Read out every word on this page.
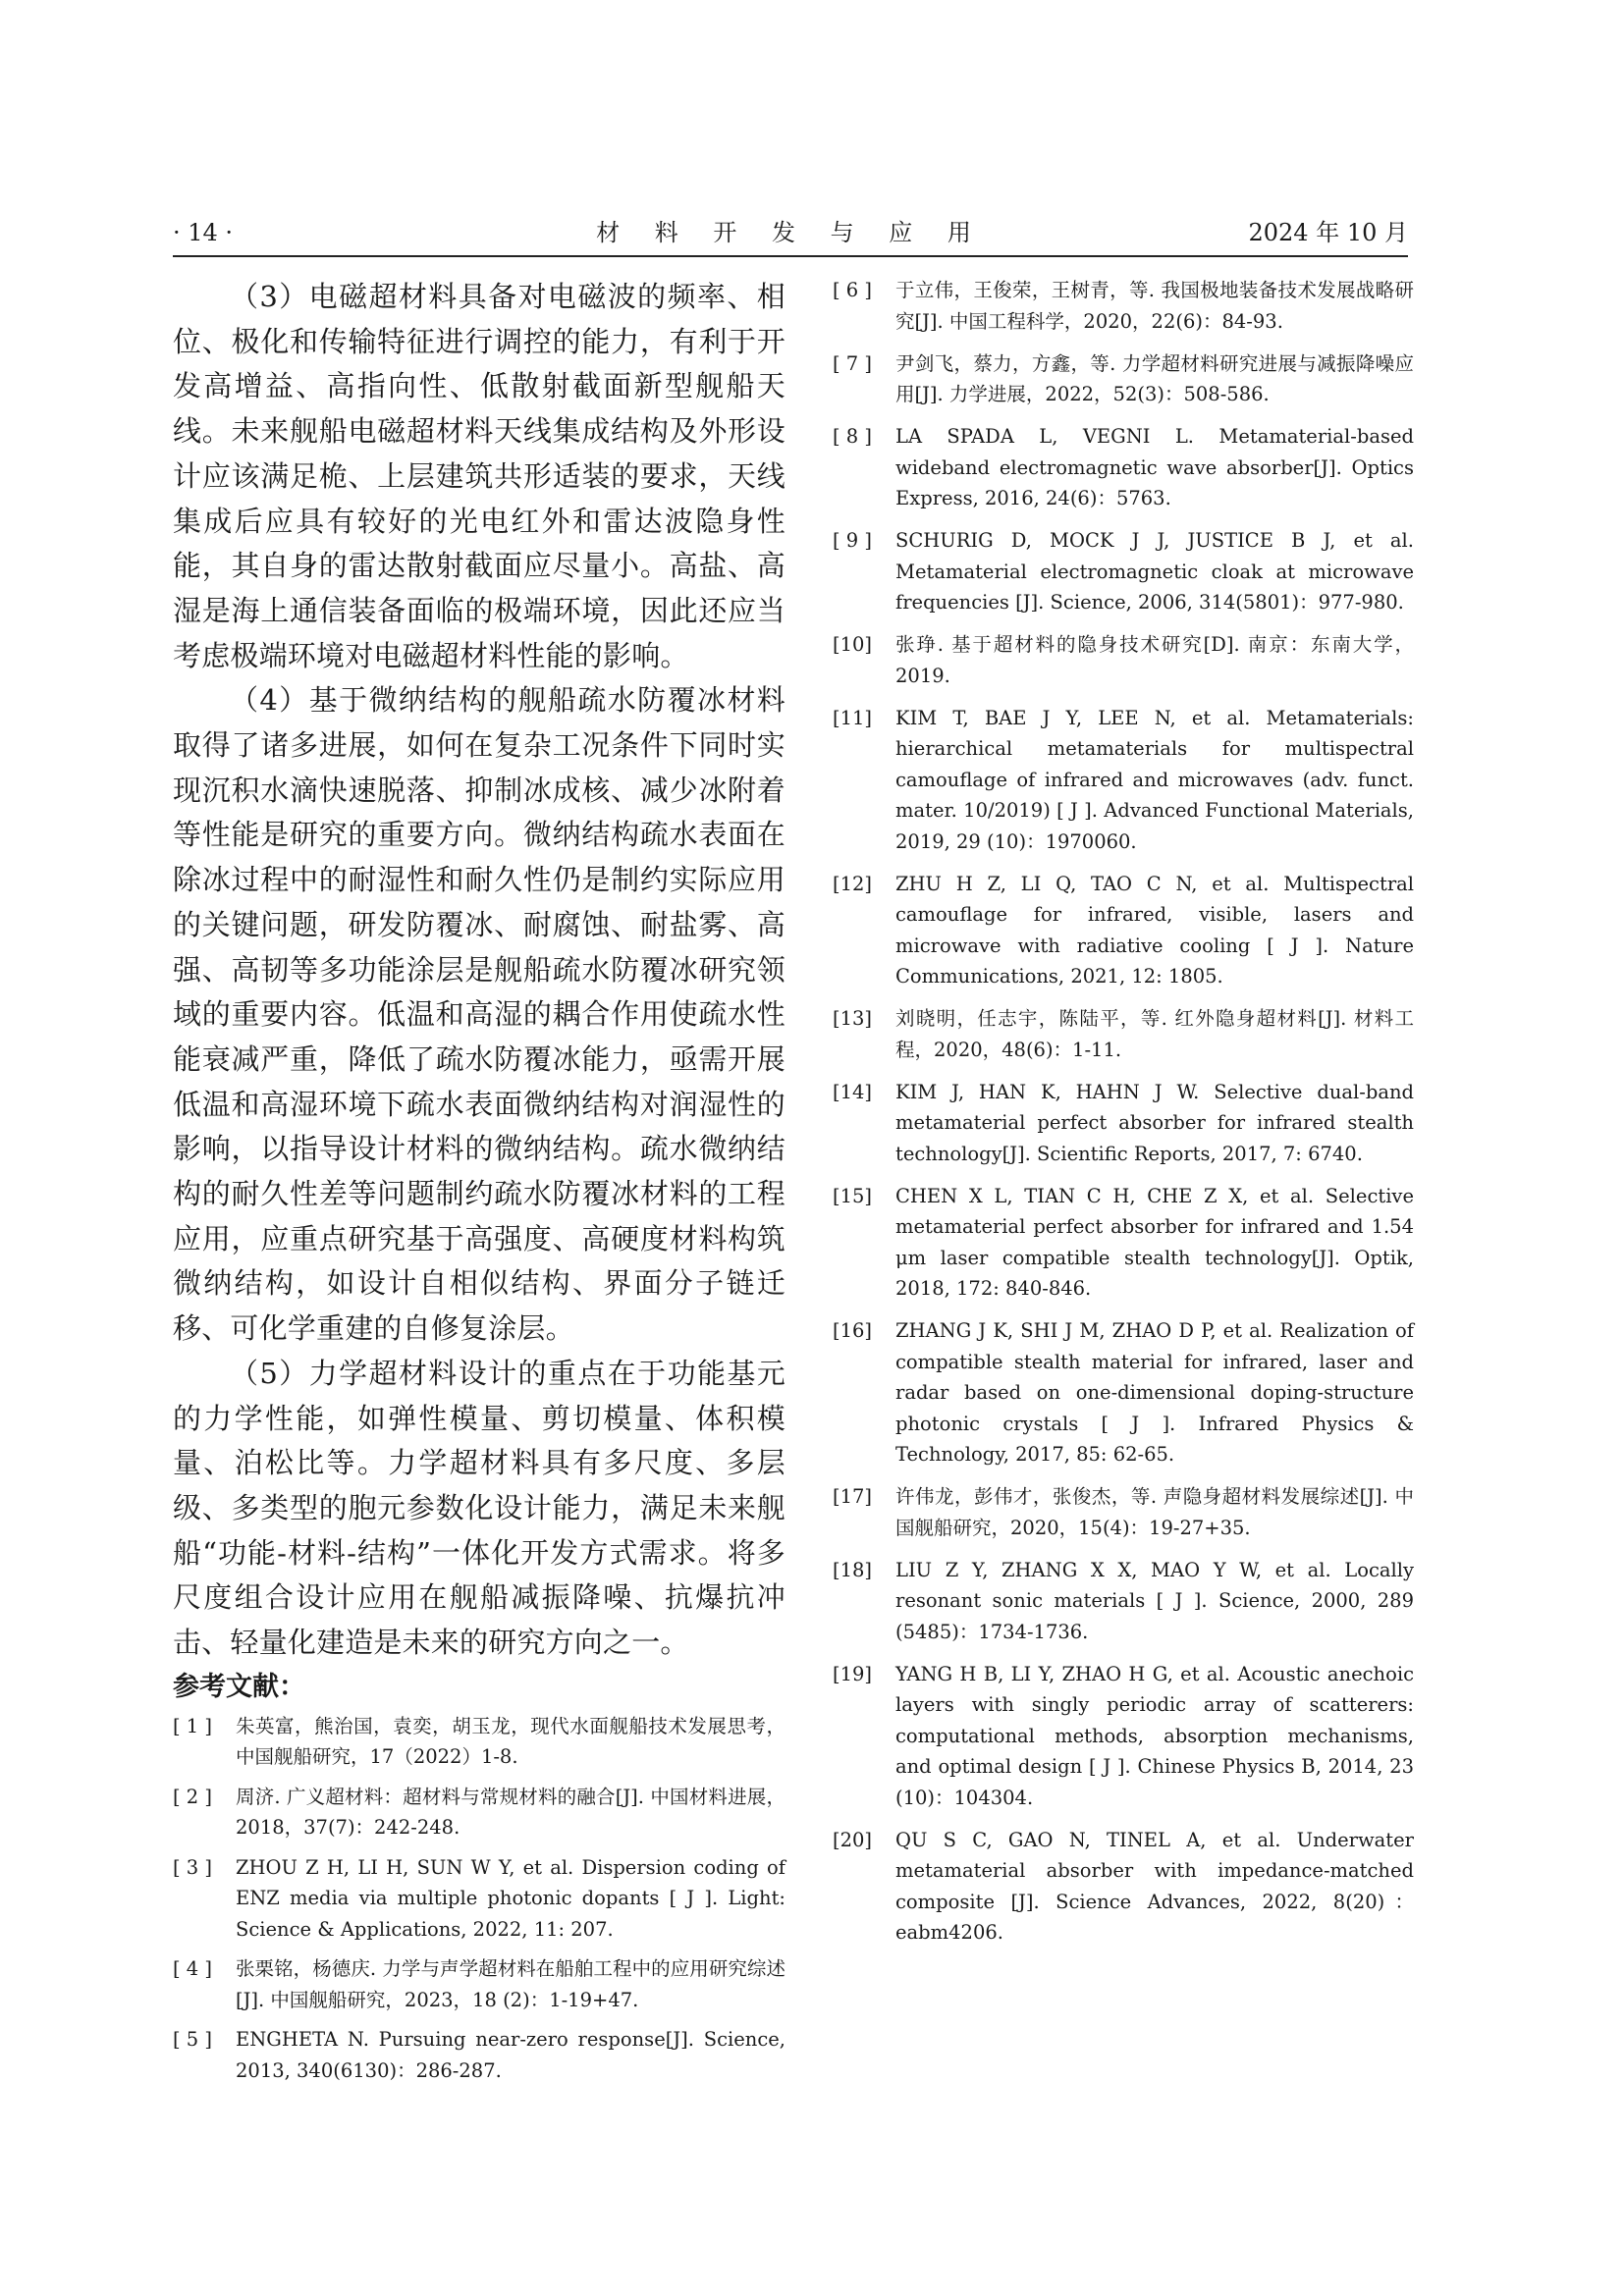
· 14 ·	材 料 开 发 与 应 用	2024 年 10 月

（3）电磁超材料具备对电磁波的频率、相位、极化和传输特征进行调控的能力，有利于开发高增益、高指向性、低散射截面新型舰船天线。未来舰船电磁超材料天线集成结构及外形设计应该满足桅、上层建筑共形适装的要求，天线集成后应具有较好的光电红外和雷达波隐身性能，其自身的雷达散射截面应尽量小。高盐、高湿是海上通信装备面临的极端环境，因此还应当考虑极端环境对电磁超材料性能的影响。

（4）基于微纳结构的舰船疏水防覆冰材料取得了诸多进展，如何在复杂工况条件下同时实现沉积水滴快速脱落、抑制冰成核、减少冰附着等性能是研究的重要方向。微纳结构疏水表面在除冰过程中的耐湿性和耐久性仍是制约实际应用的关键问题，研发防覆冰、耐腐蚀、耐盐雾、高强、高韧等多功能涂层是舰船疏水防覆冰研究领域的重要内容。低温和高湿的耦合作用使疏水性能衰减严重，降低了疏水防覆冰能力，亟需开展低温和高湿环境下疏水表面微纳结构对润湿性的影响，以指导设计材料的微纳结构。疏水微纳结构的耐久性差等问题制约疏水防覆冰材料的工程应用，应重点研究基于高强度、高硬度材料构筑微纳结构，如设计自相似结构、界面分子链迁移、可化学重建的自修复涂层。

（5）力学超材料设计的重点在于功能基元的力学性能，如弹性模量、剪切模量、体积模量、泊松比等。力学超材料具有多尺度、多层级、多类型的胞元参数化设计能力，满足未来舰船“功能-材料-结构”一体化开发方式需求。将多尺度组合设计应用在舰船减振降噪、抗爆抗冲击、轻量化建造是未来的研究方向之一。

参考文献：
[ 1 ]	朱英富，熊治国，袁奕，胡玉龙，现代水面舰船技术发展思考，中国舰船研究，17（2022）1-8.
[ 2 ]	周济. 广义超材料：超材料与常规材料的融合[J]. 中国材料进展，2018，37(7)：242-248.
[ 3 ]	ZHOU Z H, LI H, SUN W Y, et al. Dispersion coding of ENZ media via multiple photonic dopants [ J ]. Light: Science & Applications, 2022, 11: 207.
[ 4 ]	张栗铭，杨德庆. 力学与声学超材料在船舶工程中的应用研究综述[J]. 中国舰船研究，2023，18 (2)：1-19+47.
[ 5 ]	ENGHETA N. Pursuing near-zero response[J]. Science, 2013, 340(6130)：286-287.
[ 6 ]	于立伟，王俊荣，王树青，等. 我国极地装备技术发展战略研究[J]. 中国工程科学，2020，22(6)：84-93.
[ 7 ]	尹剑飞，蔡力，方鑫，等. 力学超材料研究进展与减振降噪应用[J]. 力学进展，2022，52(3)：508-586.
[ 8 ]	LA SPADA L, VEGNI L. Metamaterial-based wideband electromagnetic wave absorber[J]. Optics Express, 2016, 24(6)：5763.
[ 9 ]	SCHURIG D, MOCK J J, JUSTICE B J, et al. Metamaterial electromagnetic cloak at microwave frequencies [J]. Science, 2006, 314(5801)：977-980.
[10]	张琤. 基于超材料的隐身技术研究[D]. 南京：东南大学，2019.
[11]	KIM T, BAE J Y, LEE N, et al. Metamaterials: hierarchical metamaterials for multispectral camouflage of infrared and microwaves (adv. funct. mater. 10/2019) [ J ]. Advanced Functional Materials, 2019, 29 (10)：1970060.
[12]	ZHU H Z, LI Q, TAO C N, et al. Multispectral camouflage for infrared, visible, lasers and microwave with radiative cooling [ J ]. Nature Communications, 2021, 12: 1805.
[13]	刘晓明，任志宇，陈陆平，等. 红外隐身超材料[J]. 材料工程，2020，48(6)：1-11.
[14]	KIM J, HAN K, HAHN J W. Selective dual-band metamaterial perfect absorber for infrared stealth technology[J]. Scientific Reports, 2017, 7: 6740.
[15]	CHEN X L, TIAN C H, CHE Z X, et al. Selective metamaterial perfect absorber for infrared and 1.54 μm laser compatible stealth technology[J]. Optik, 2018, 172: 840-846.
[16]	ZHANG J K, SHI J M, ZHAO D P, et al. Realization of compatible stealth material for infrared, laser and radar based on one-dimensional doping-structure photonic crystals [ J ]. Infrared Physics & Technology, 2017, 85: 62-65.
[17]	许伟龙，彭伟才，张俊杰，等. 声隐身超材料发展综述[J]. 中国舰船研究，2020，15(4)：19-27+35.
[18]	LIU Z Y, ZHANG X X, MAO Y W, et al. Locally resonant sonic materials [ J ]. Science, 2000, 289 (5485)：1734-1736.
[19]	YANG H B, LI Y, ZHAO H G, et al. Acoustic anechoic layers with singly periodic array of scatterers: computational methods, absorption mechanisms, and optimal design [ J ]. Chinese Physics B, 2014, 23 (10)：104304.
[20]	QU S C, GAO N, TINEL A, et al. Underwater metamaterial absorber with impedance-matched composite [J]. Science Advances, 2022, 8(20)：eabm4206.
